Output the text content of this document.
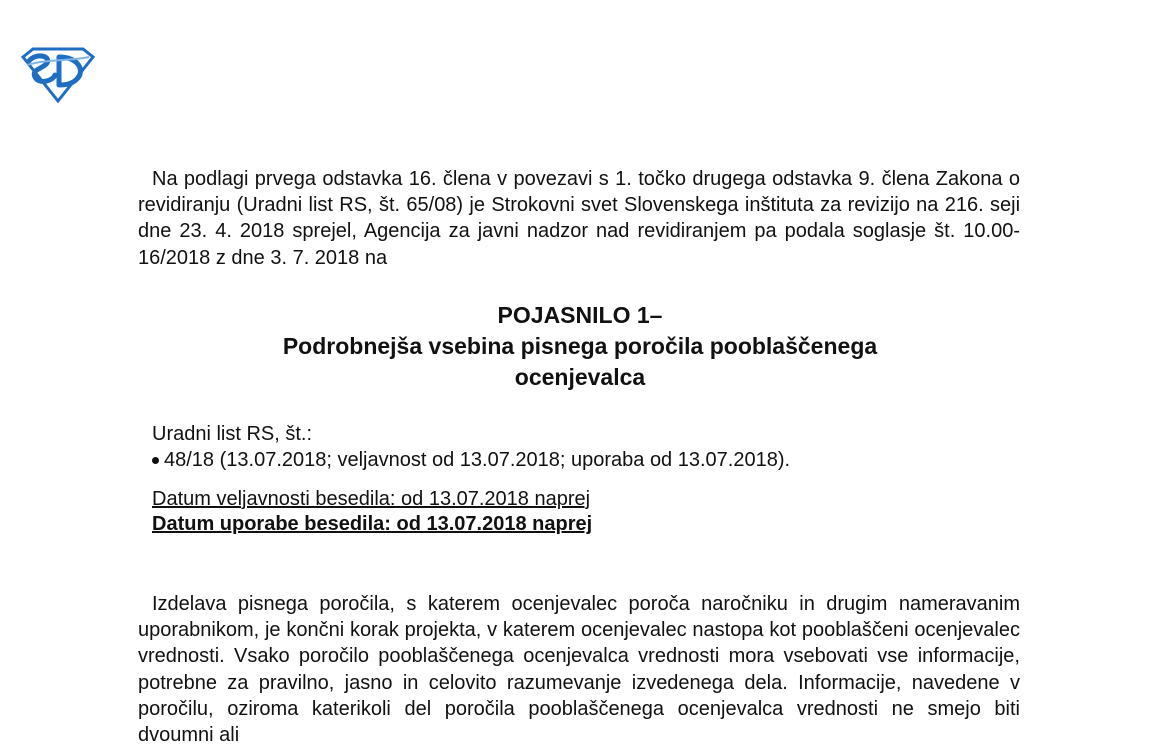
Na podlagi prvega odstavka 16. člena v povezavi s 1. točko drugega odstavka 9. člena Zakona o revidiranju (Uradni list RS, št. 65/08) je Strokovni svet Slovenskega inštituta za revizijo na 216. seji dne 23. 4. 2018 sprejel, Agencija za javni nadzor nad revidiranjem pa podala soglasje št. 10.00-16/2018 z dne 3. 7. 2018 na
POJASNILO 1–
Podrobnejša vsebina pisnega poročila pooblaščenega
ocenjevalca
Uradni list RS, št.:
48/18 (13.07.2018; veljavnost od 13.07.2018; uporaba od 13.07.2018).
Datum veljavnosti besedila: od 13.07.2018 naprej
Datum uporabe besedila: od 13.07.2018 naprej
Izdelava pisnega poročila, s katerem ocenjevalec poroča naročniku in drugim nameravanim uporabnikom, je končni korak projekta, v katerem ocenjevalec nastopa kot pooblaščeni ocenjevalec vrednosti. Vsako poročilo pooblaščenega ocenjevalca vrednosti mora vsebovati vse informacije, potrebne za pravilno, jasno in celovito razumevanje izvedenega dela. Informacije, navedene v poročilu, oziroma katerikoli del poročila pooblaščenega ocenjevalca vrednosti ne smejo biti dvoumni ali
